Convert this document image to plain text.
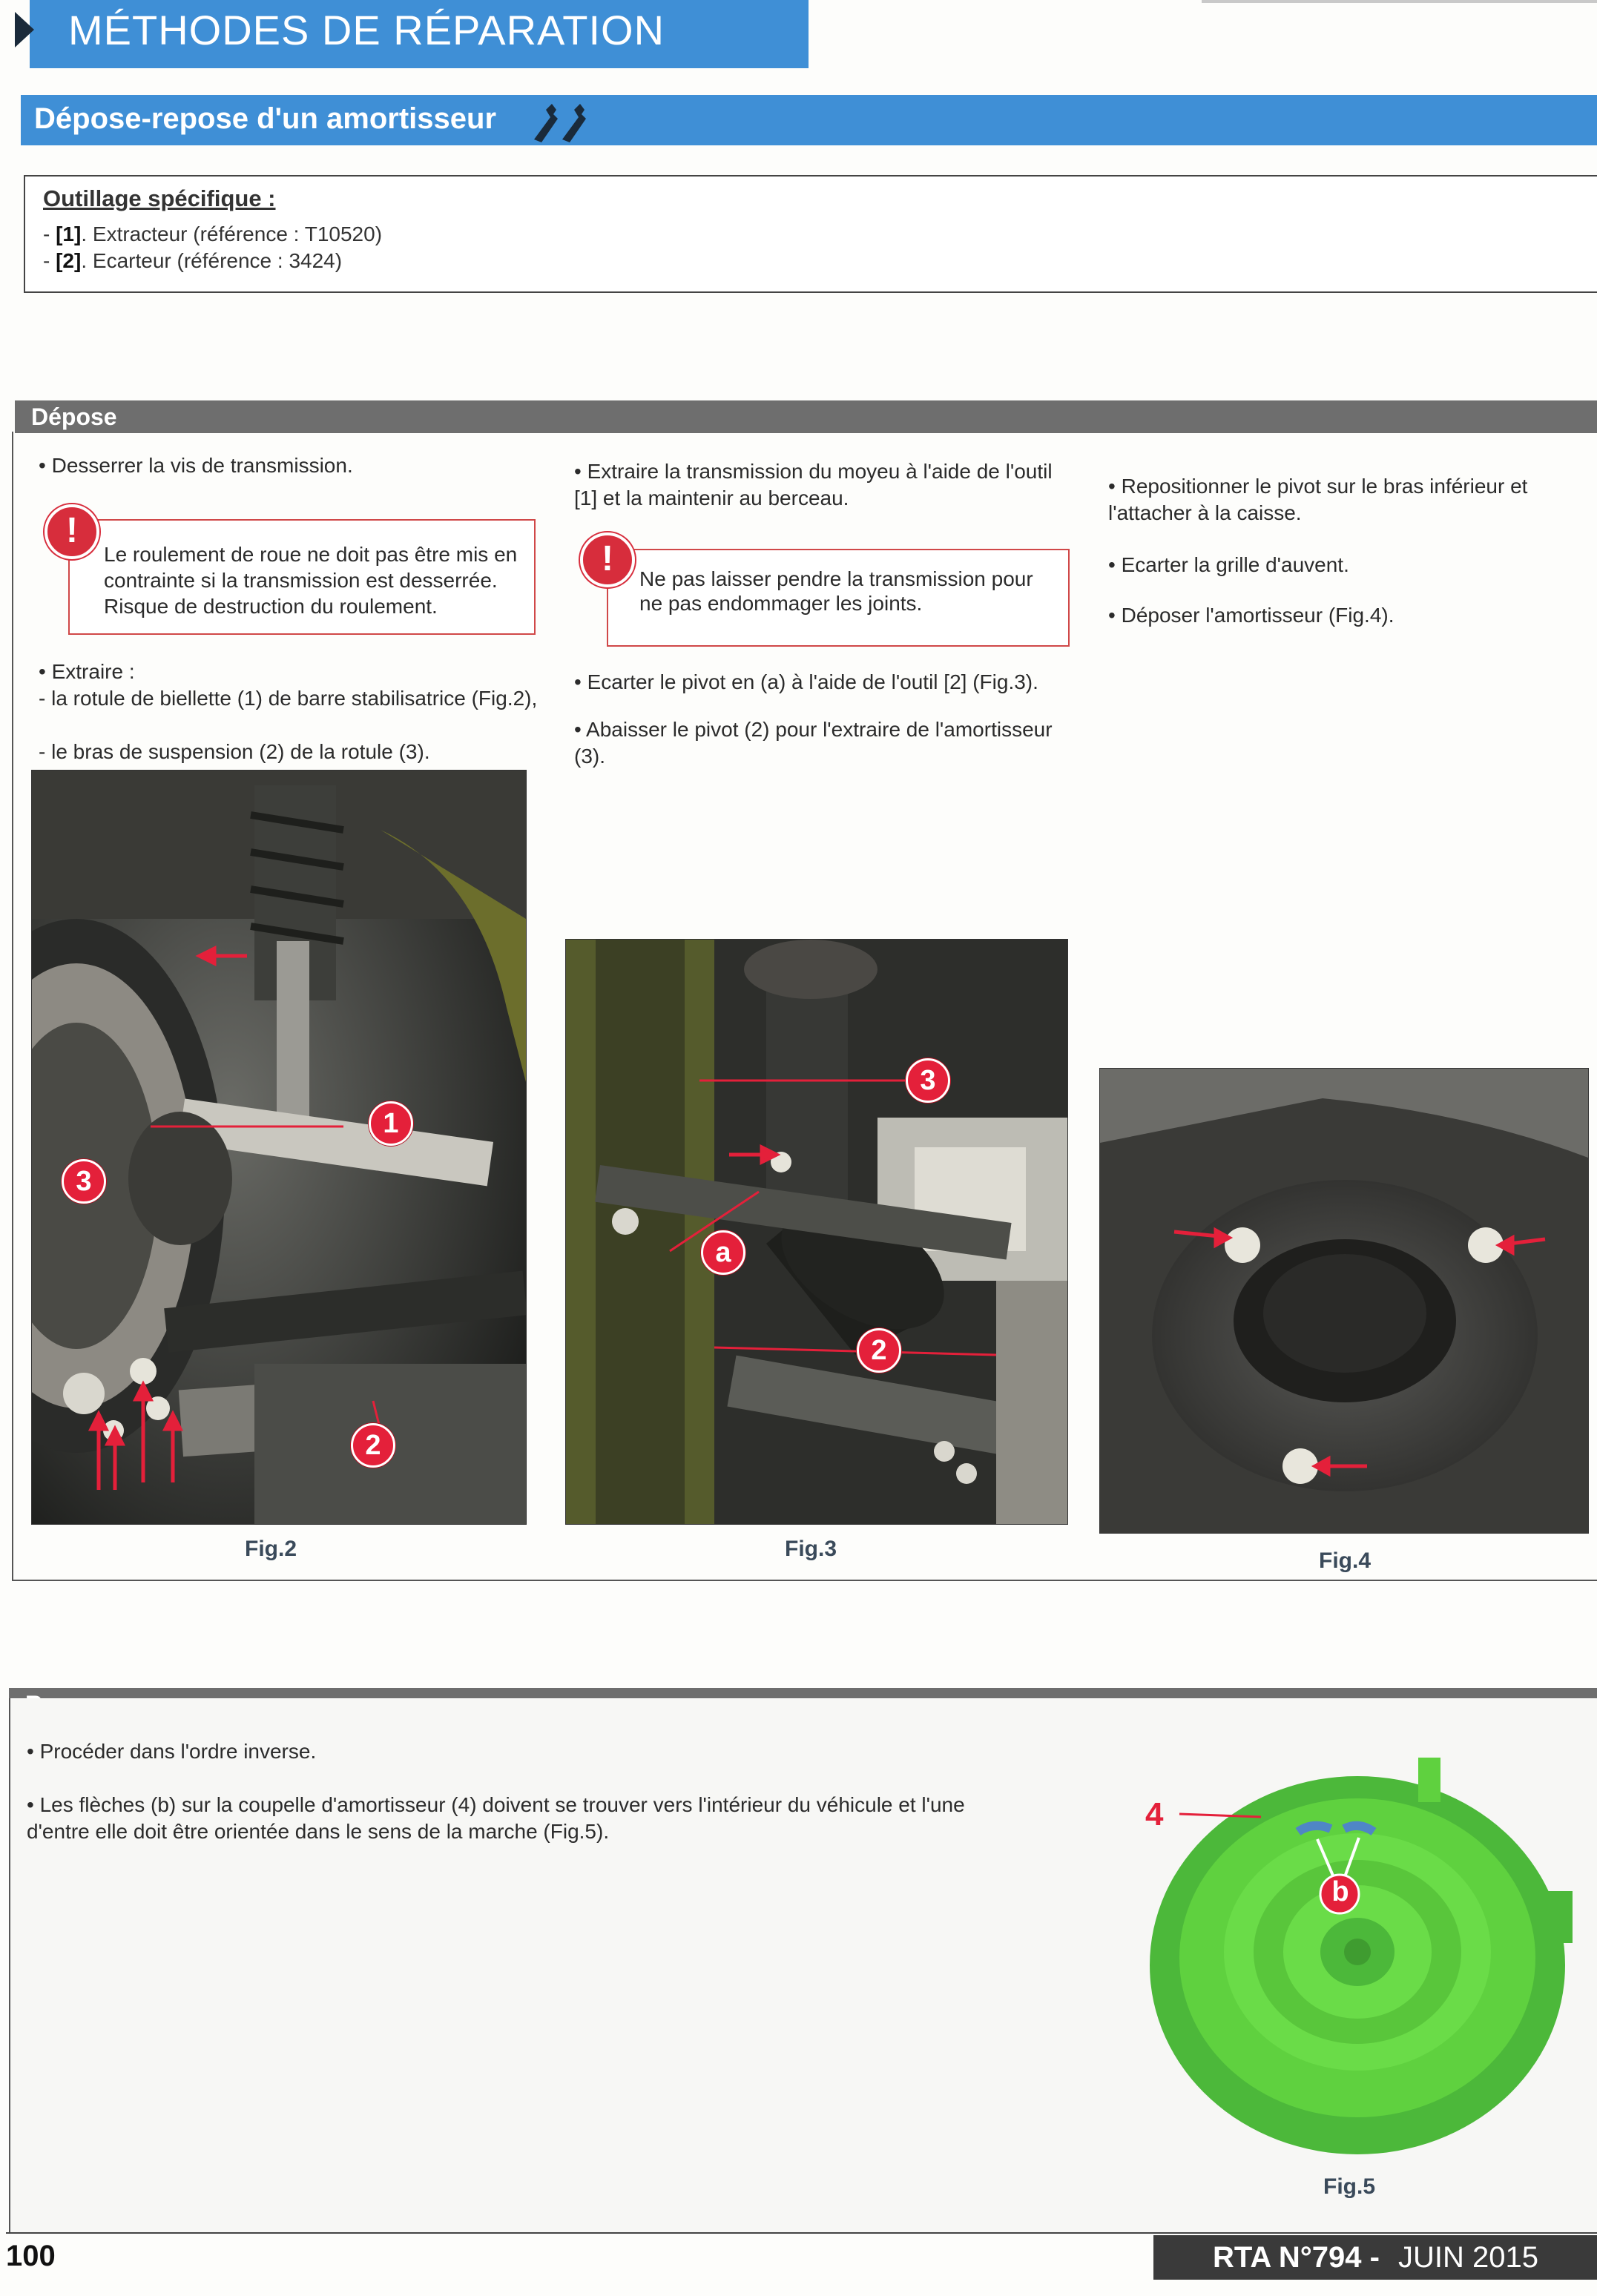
MÉTHODES DE RÉPARATION
Dépose-repose d'un amortisseur
Outillage spécifique :
- [1]. Extracteur (référence : T10520)
- [2]. Ecarteur (référence : 3424)
Dépose
• Desserrer la vis de transmission.
Le roulement de roue ne doit pas être mis en contrainte si la transmission est desserrée. Risque de destruction du roulement.
!
• Extraire :
- la rotule de biellette (1) de barre stabilisatrice (Fig.2),
- le bras de suspension (2) de la rotule (3).
• Extraire la transmission du moyeu à l'aide de l'outil [1] et la maintenir au berceau.
Ne pas laisser pendre la transmission pour ne pas endommager les joints.
!
• Ecarter le pivot en (a) à l'aide de l'outil [2] (Fig.3).
• Abaisser le pivot (2) pour l'extraire de l'amortisseur (3).
• Repositionner le pivot sur le bras inférieur et l'attacher à la caisse.
• Ecarter la grille d'auvent.
• Déposer l'amortisseur (Fig.4).
1
2
3
Fig.2
3
a
2
Fig.3	Fig.4
• Procéder dans l'ordre inverse.
• Les flèches (b) sur la coupelle d'amortisseur (4) doivent se trouver vers l'intérieur du véhicule et l'une d'entre elle doit être orientée dans le sens de la marche (Fig.5).	4
b
Fig.5
100	RTA N°794 - JUIN 2015
